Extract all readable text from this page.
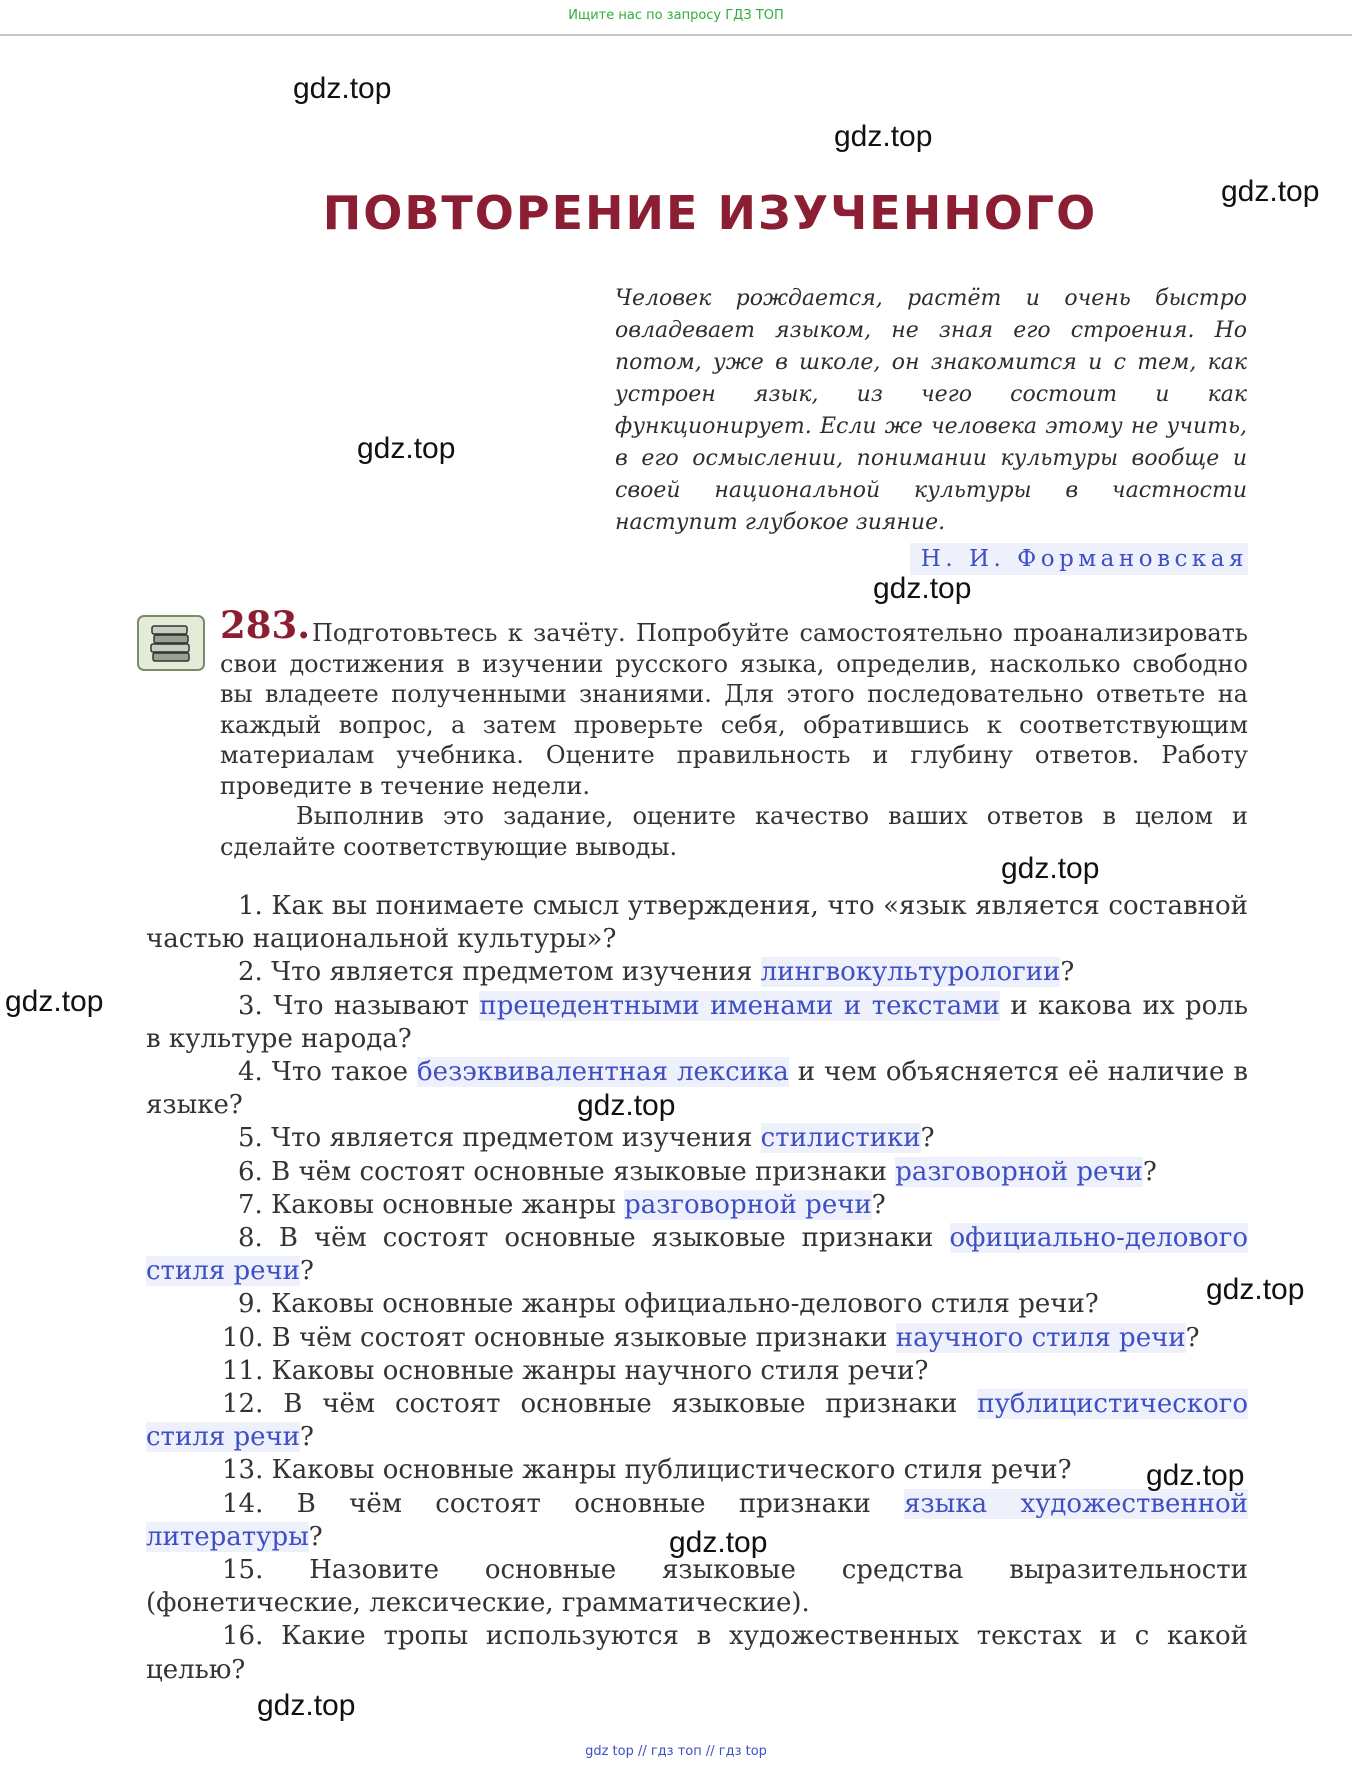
Ищите нас по запросу ГДЗ ТОП
ПОВТОРЕНИЕ ИЗУЧЕННОГО
Человек рождается, растёт и очень быстро овладевает языком, не зная его строения. Но потом, уже в школе, он знакомится и с тем, как устроен язык, из чего состоит и как функционирует. Если же человека этому не учить, в его осмыслении, понимании культуры вообще и своей национальной культуры в частности наступит глубокое зияние.
Н. И. Формановская
283. Подготовьтесь к зачёту. Попробуйте самостоятельно проанализировать свои достижения в изучении русского языка, определив, насколько свободно вы владеете полученными знаниями. Для этого последовательно ответьте на каждый вопрос, а затем проверьте себя, обратившись к соответствующим материалам учебника. Оцените правильность и глубину ответов. Работу проведите в течение недели.

Выполнив это задание, оцените качество ваших ответов в целом и сделайте соответствующие выводы.

1. Как вы понимаете смысл утверждения, что «язык является составной частью национальной культуры»?

2. Что является предметом изучения лингвокультурологии?

3. Что называют прецедентными именами и текстами и какова их роль в культуре народа?

4. Что такое безэквивалентная лексика и чем объясняется её наличие в языке?

5. Что является предметом изучения стилистики?

6. В чём состоят основные языковые признаки разговорной речи?

7. Каковы основные жанры разговорной речи?

8. В чём состоят основные языковые признаки официально-делового стиля речи?

9. Каковы основные жанры официально-делового стиля речи?

10. В чём состоят основные языковые признаки научного стиля речи?

11. Каковы основные жанры научного стиля речи?

12. В чём состоят основные языковые признаки публицистического стиля речи?

13. Каковы основные жанры публицистического стиля речи?

14. В чём состоят основные признаки языка художественной литературы?

15. Назовите основные языковые средства выразительности (фонетические, лексические, грамматические).

16. Какие тропы используются в художественных текстах и с какой целью?

gdz top // гдз топ // гдз top
gdz.top
gdz.top
gdz.top
gdz.top
gdz.top
gdz.top
gdz.top
gdz.top
gdz.top
gdz.top
gdz.top
gdz.top
